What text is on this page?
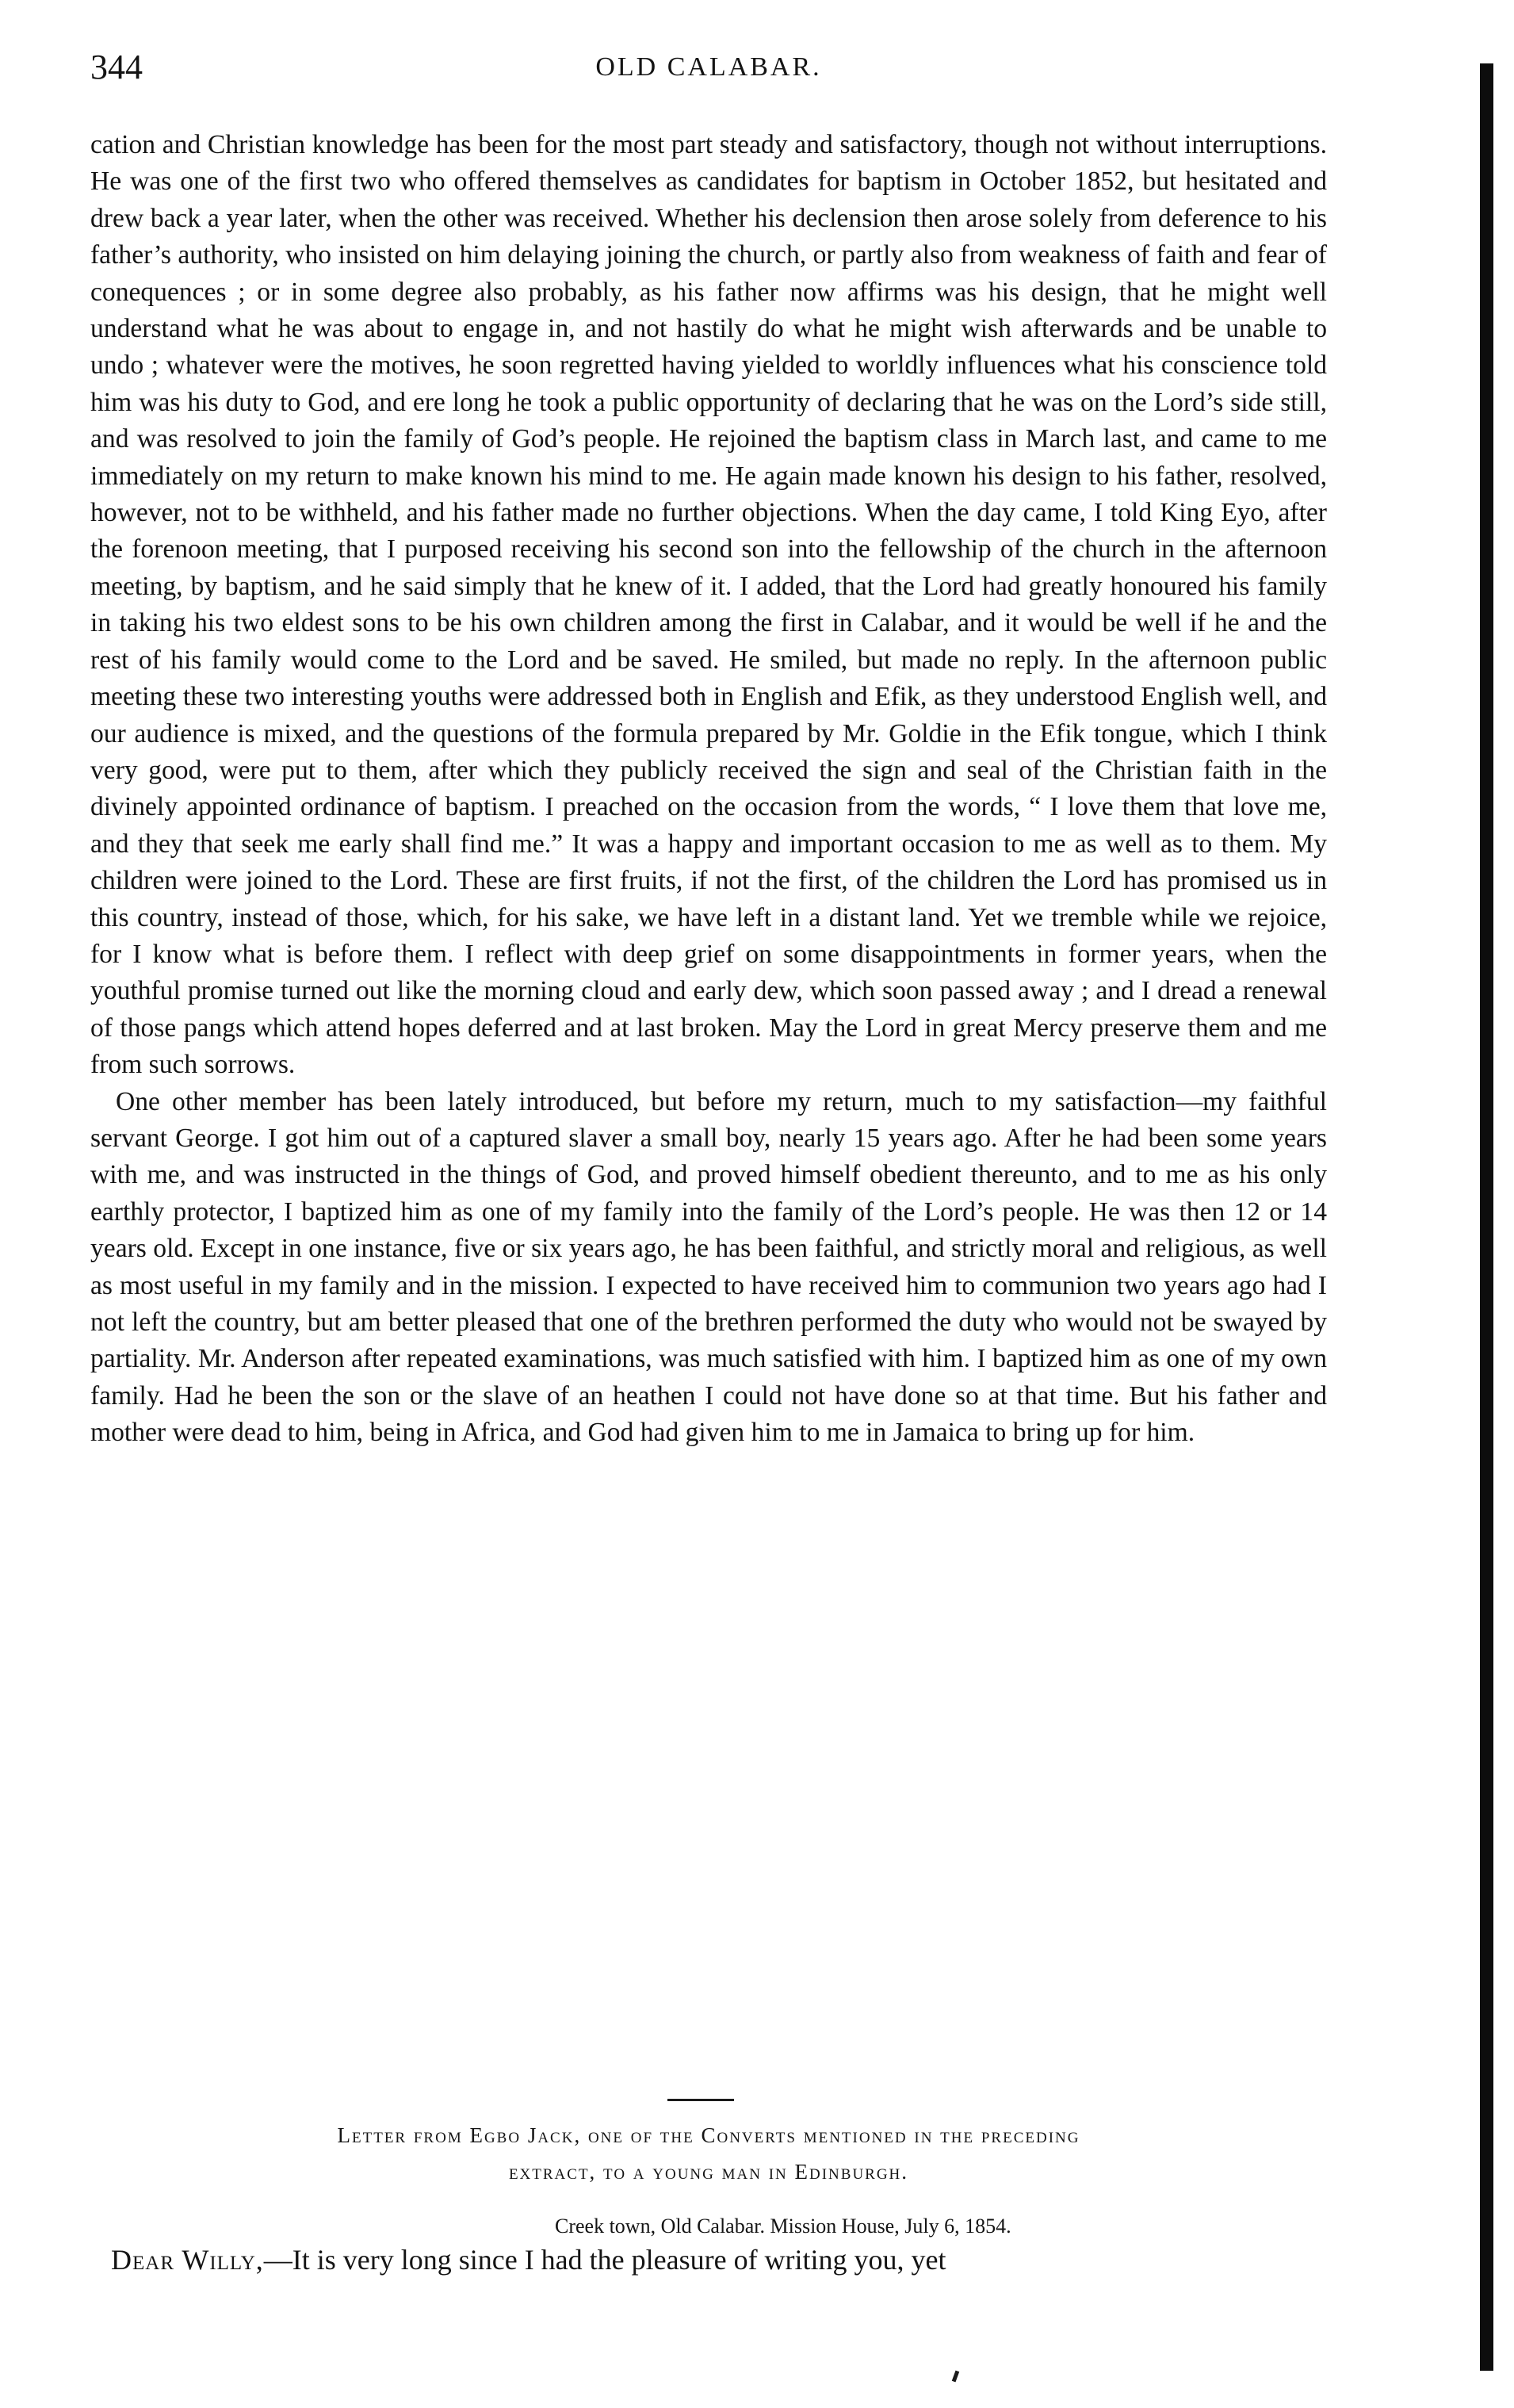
344	OLD CALABAR.

cation and Christian knowledge has been for the most part steady and satisfactory, though not without interruptions. He was one of the first two who offered themselves as candidates for baptism in October 1852, but hesitated and drew back a year later, when the other was received. Whether his declension then arose solely from deference to his father’s authority, who insisted on him delaying joining the church, or partly also from weakness of faith and fear of conequences ; or in some degree also probably, as his father now affirms was his design, that he might well understand what he was about to engage in, and not hastily do what he might wish afterwards and be unable to undo ; whatever were the motives, he soon regretted having yielded to worldly influences what his conscience told him was his duty to God, and ere long he took a public opportunity of declaring that he was on the Lord’s side still, and was resolved to join the family of God’s people. He rejoined the baptism class in March last, and came to me immediately on my return to make known his mind to me. He again made known his design to his father, resolved, however, not to be withheld, and his father made no further objections. When the day came, I told King Eyo, after the forenoon meeting, that I purposed receiving his second son into the fellowship of the church in the afternoon meeting, by baptism, and he said simply that he knew of it. I added, that the Lord had greatly honoured his family in taking his two eldest sons to be his own children among the first in Calabar, and it would be well if he and the rest of his family would come to the Lord and be saved. He smiled, but made no reply. In the afternoon public meeting these two interesting youths were addressed both in English and Efik, as they understood English well, and our audience is mixed, and the questions of the formula prepared by Mr. Goldie in the Efik tongue, which I think very good, were put to them, after which they publicly received the sign and seal of the Christian faith in the divinely appointed ordinance of baptism. I preached on the occasion from the words, “ I love them that love me, and they that seek me early shall find me.” It was a happy and important occasion to me as well as to them. My children were joined to the Lord. These are first fruits, if not the first, of the children the Lord has promised us in this country, instead of those, which, for his sake, we have left in a distant land. Yet we tremble while we rejoice, for I know what is before them. I reflect with deep grief on some disappointments in former years, when the youthful promise turned out like the morning cloud and early dew, which soon passed away ; and I dread a renewal of those pangs which attend hopes deferred and at last broken. May the Lord in great Mercy preserve them and me from such sorrows.

One other member has been lately introduced, but before my return, much to my satisfaction—my faithful servant George. I got him out of a captured slaver a small boy, nearly 15 years ago. After he had been some years with me, and was instructed in the things of God, and proved himself obedient thereunto, and to me as his only earthly protector, I baptized him as one of my family into the family of the Lord’s people. He was then 12 or 14 years old. Except in one instance, five or six years ago, he has been faithful, and strictly moral and religious, as well as most useful in my family and in the mission. I expected to have received him to communion two years ago had I not left the country, but am better pleased that one of the brethren performed the duty who would not be swayed by partiality. Mr. Anderson after repeated examinations, was much satisfied with him. I baptized him as one of my own family. Had he been the son or the slave of an heathen I could not have done so at that time. But his father and mother were dead to him, being in Africa, and God had given him to me in Jamaica to bring up for him.

Letter from Egbo Jack, one of the Converts mentioned in the preceding
extract, to a young man in Edinburgh.
Creek town, Old Calabar. Mission House, July 6, 1854.
Dear Willy,—It is very long since I had the pleasure of writing you, yet
